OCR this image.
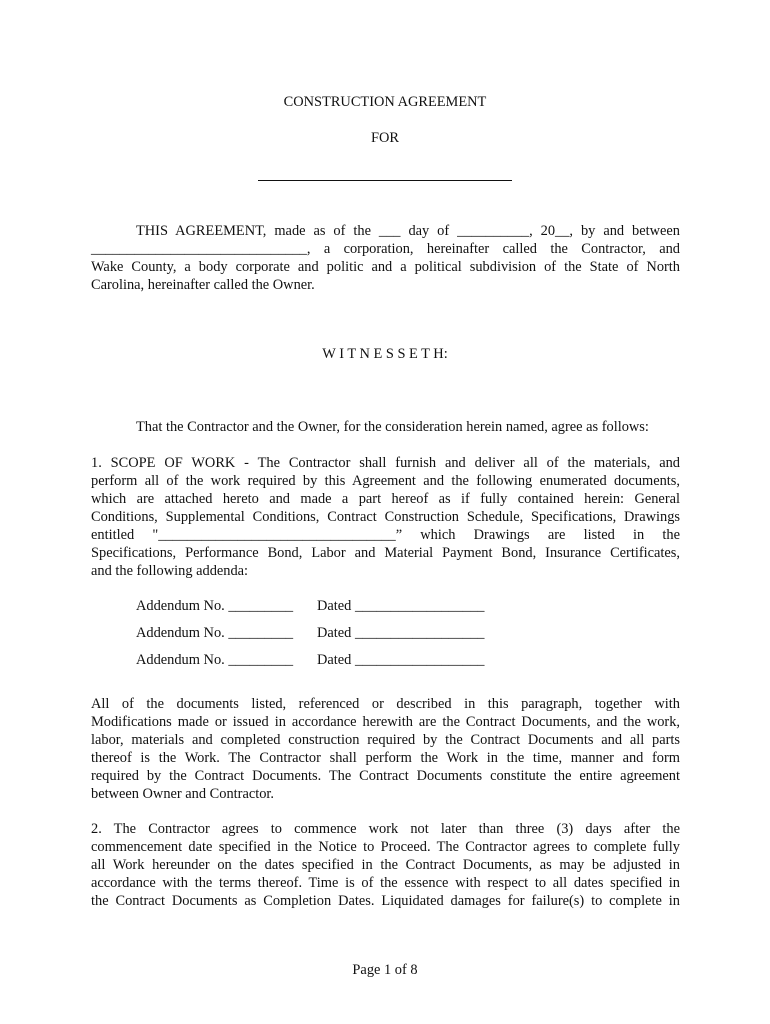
CONSTRUCTION AGREEMENT
FOR
THIS AGREEMENT, made as of the ___ day of __________, 20__, by and between
______________________________, a corporation, hereinafter called the Contractor, and
Wake County, a body corporate and politic and a political subdivision of the State of North
Carolina, hereinafter called the Owner.
W I T N E S S E T H:
That the Contractor and the Owner, for the consideration herein named, agree as follows:
1. SCOPE OF WORK - The Contractor shall furnish and deliver all of the materials, and
perform all of the work required by this Agreement and the following enumerated documents,
which are attached hereto and made a part hereof as if fully contained herein: General
Conditions, Supplemental Conditions, Contract Construction Schedule, Specifications, Drawings
entitled "_________________________________” which Drawings are listed in the
Specifications, Performance Bond, Labor and Material Payment Bond, Insurance Certificates,
and the following addenda:
Addendum No. _________ Dated __________________
Addendum No. _________ Dated __________________
Addendum No. _________ Dated __________________
All of the documents listed, referenced or described in this paragraph, together with
Modifications made or issued in accordance herewith are the Contract Documents, and the work,
labor, materials and completed construction required by the Contract Documents and all parts
thereof is the Work. The Contractor shall perform the Work in the time, manner and form
required by the Contract Documents. The Contract Documents constitute the entire agreement
between Owner and Contractor.
2. The Contractor agrees to commence work not later than three (3) days after the
commencement date specified in the Notice to Proceed. The Contractor agrees to complete fully
all Work hereunder on the dates specified in the Contract Documents, as may be adjusted in
accordance with the terms thereof. Time is of the essence with respect to all dates specified in
the Contract Documents as Completion Dates. Liquidated damages for failure(s) to complete in
Page 1 of 8
